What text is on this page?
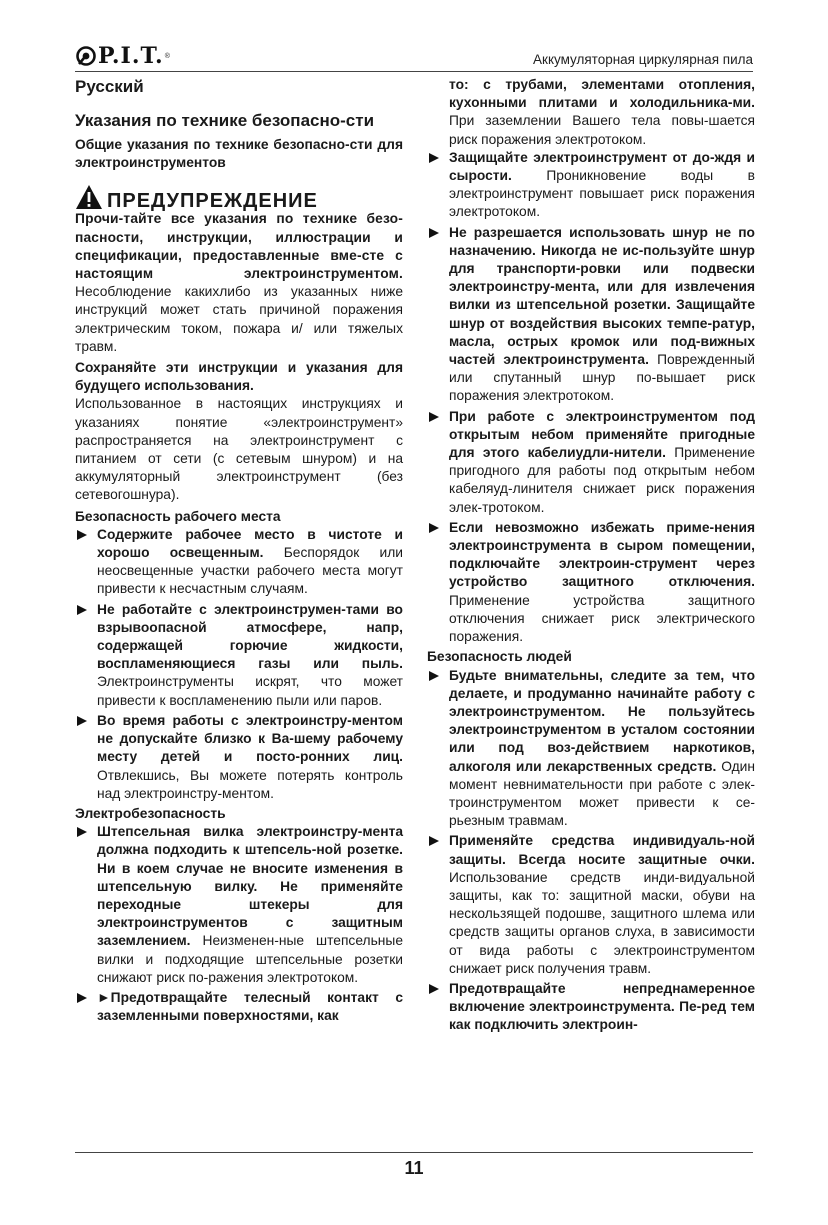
P.I.T. ®	Аккумуляторная циркулярная пила
Русский
Указания по технике безопасно-сти

Общие указания по технике безопасно-сти для электроинструментов

ПРЕДУПРЕЖДЕНИЕ

Прочи-тайте все указания по технике безо-пасности, инструкции, иллюстрации и спецификации, предоставленные вме-сте с настоящим электроинструментом. Несоблюдение какихлибо из указанных ниже инструкций может стать причиной поражения электрическим током, пожара и/ или тяжелых травм.

Сохраняйте эти инструкции и указания для будущего использования.

Использованное в настоящих инструкциях и указаниях понятие «электроинструмент» распространяется на электроинструмент с питанием от сети (с сетевым шнуром) и на аккумуляторный электроинструмент (без сетевогошнура).

Безопасность рабочего места

Содержите рабочее место в чистоте и хорошо освещенным. Беспорядок или неосвещенные участки рабочего места могут привести к несчастным случаям.
Не работайте с электроинструмен-тами во взрывоопасной атмосфере, напр, содержащей горючие жидкости, воспламеняющиеся газы или пыль. Электроинструменты искрят, что может привести к воспламенению пыли или паров.
Во время работы с электроинстру-ментом не допускайте близко к Ва-шему рабочему месту детей и посто-ронних лиц. Отвлекшись, Вы можете потерять контроль над электроинстру-ментом.

Электробезопасность

Штепсельная вилка электроинстру-мента должна подходить к штепсель-ной розетке. Ни в коем случае не вносите изменения в штепсельную вилку. Не применяйте переходные штекеры для электроинструментов с защитным заземлением. Неизменен-ные штепсельные вилки и подходящие штепсельные розетки снижают риск по-ражения электротоком.
►Предотвращайте телесный контакт с заземленными поверхностями, как

то: с трубами, элементами отопления, кухонными плитами и холодильника-ми. При заземлении Вашего тела повы-шается риск поражения электротоком.

Защищайте электроинструмент от до-ждя и сырости. Проникновение воды в электроинструмент повышает риск поражения электротоком.
Не разрешается использовать шнур не по назначению. Никогда не ис-пользуйте шнур для транспорти-ровки или подвески электроинстру-мента, или для извлечения вилки из штепсельной розетки. Защищайте шнур от воздействия высоких темпе-ратур, масла, острых кромок или под-вижных частей электроинструмента. Поврежденный или спутанный шнур по-вышает риск поражения электротоком.
При работе с электроинструментом под открытым небом применяйте пригодные для этого кабелиудли-нители. Применение пригодного для работы под открытым небом кабеляуд-линителя снижает риск поражения элек-тротоком.
Если невозможно избежать приме-нения электроинструмента в сыром помещении, подключайте электроин-струмент через устройство защитного отключения. Применение устройства защитного отключения снижает риск электрического поражения.

Безопасность людей

Будьте внимательны, следите за тем, что делаете, и продуманно начинайте работу с электроинструментом. Не пользуйтесь электроинструментом в усталом состоянии или под воз-действием наркотиков, алкоголя или лекарственных средств. Один момент невнимательности при работе с элек-троинструментом может привести к се-рьезным травмам.
Применяйте средства индивидуаль-ной защиты. Всегда носите защитные очки. Использование средств инди-видуальной защиты, как то: защитной маски, обуви на нескользящей подошве, защитного шлема или средств защиты органов слуха, в зависимости от вида работы с электроинструментом снижает риск получения травм.
Предотвращайте непреднамеренное включение электроинструмента. Пе-ред тем как подключить электроин-
11
